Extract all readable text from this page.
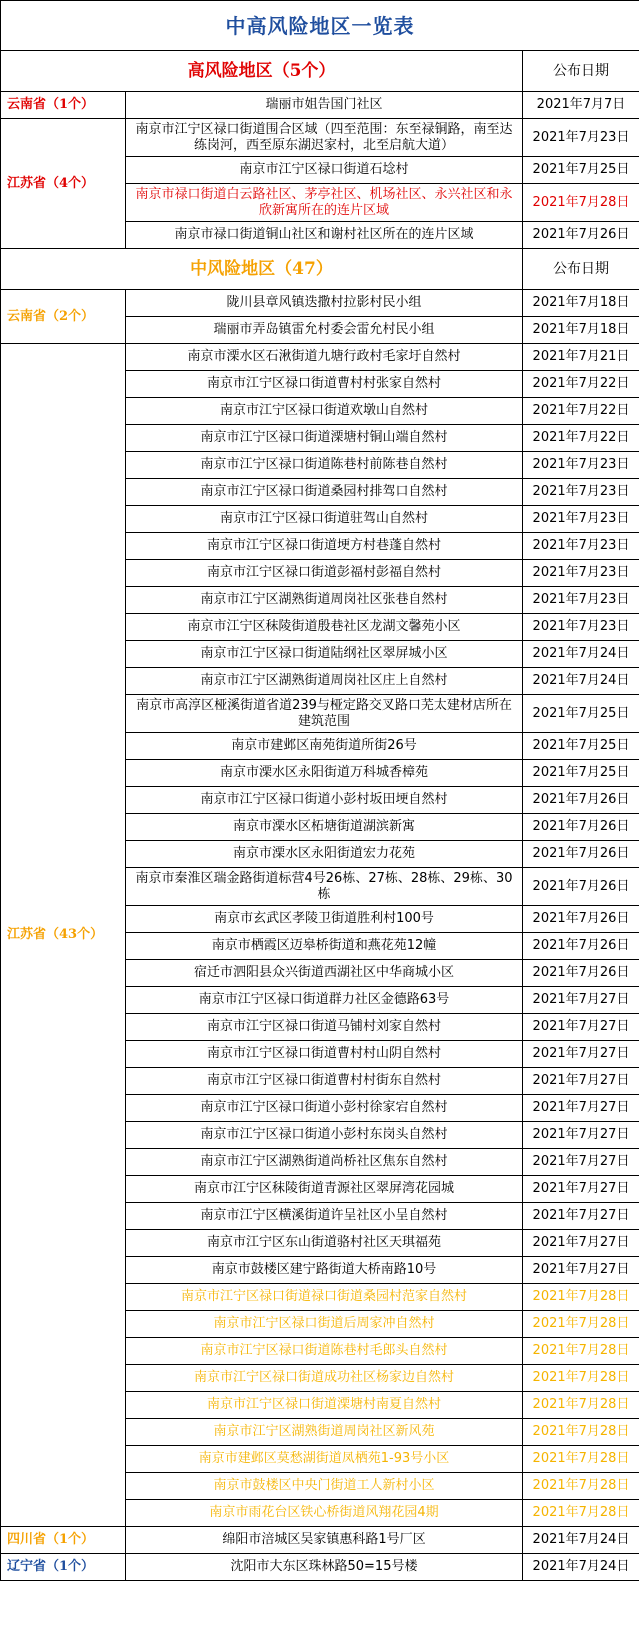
中高风险地区一览表		
高风险地区（5个）		公布日期
云南省（1个）	瑞丽市姐告国门社区	2021年7月7日
江苏省（4个）	南京市江宁区禄口街道围合区域（四至范围：东至禄铜路，南至达练岗河，西至原东湖迟家村，北至启航大道）	2021年7月23日
	南京市江宁区禄口街道石埝村	2021年7月25日
	南京市禄口街道白云路社区、茅亭社区、机场社区、永兴社区和永欣新寓所在的连片区域	2021年7月28日
	南京市禄口街道铜山社区和谢村社区所在的连片区域	2021年7月26日
中风险地区（47）		公布日期
云南省（2个）	陇川县章风镇迭撒村拉影村民小组	2021年7月18日
	瑞丽市弄岛镇雷允村委会雷允村民小组	2021年7月18日
江苏省（43个）	南京市溧水区石湫街道九塘行政村毛家圩自然村	2021年7月21日
	南京市江宁区禄口街道曹村村张家自然村	2021年7月22日
	南京市江宁区禄口街道欢墩山自然村	2021年7月22日
	南京市江宁区禄口街道溧塘村铜山端自然村	2021年7月22日
	南京市江宁区禄口街道陈巷村前陈巷自然村	2021年7月23日
	南京市江宁区禄口街道桑园村排驾口自然村	2021年7月23日
	南京市江宁区禄口街道驻驾山自然村	2021年7月23日
	南京市江宁区禄口街道埂方村巷蓬自然村	2021年7月23日
	南京市江宁区禄口街道彭福村彭福自然村	2021年7月23日
	南京市江宁区湖熟街道周岗社区张巷自然村	2021年7月23日
	南京市江宁区秣陵街道殷巷社区龙湖文馨苑小区	2021年7月23日
	南京市江宁区禄口街道陆纲社区翠屏城小区	2021年7月24日
	南京市江宁区湖熟街道周岗社区庄上自然村	2021年7月24日
	南京市高淳区桠溪街道省道239与桠定路交叉路口芜太建材店所在建筑范围	2021年7月25日
	南京市建邺区南苑街道所街26号	2021年7月25日
	南京市溧水区永阳街道万科城香樟苑	2021年7月25日
	南京市江宁区禄口街道小彭村坂田埂自然村	2021年7月26日
	南京市溧水区柘塘街道湖滨新寓	2021年7月26日
	南京市溧水区永阳街道宏力花苑	2021年7月26日
	南京市秦淮区瑞金路街道标营4号26栋、27栋、28栋、29栋、30栋	2021年7月26日
	南京市玄武区孝陵卫街道胜利村100号	2021年7月26日
	南京市栖霞区迈皋桥街道和燕花苑12幢	2021年7月26日
	宿迁市泗阳县众兴街道西湖社区中华商城小区	2021年7月26日
	南京市江宁区禄口街道群力社区金德路63号	2021年7月27日
	南京市江宁区禄口街道马铺村刘家自然村	2021年7月27日
	南京市江宁区禄口街道曹村村山阴自然村	2021年7月27日
	南京市江宁区禄口街道曹村村街东自然村	2021年7月27日
	南京市江宁区禄口街道小彭村徐家宕自然村	2021年7月27日
	南京市江宁区禄口街道小彭村东岗头自然村	2021年7月27日
	南京市江宁区湖熟街道尚桥社区焦东自然村	2021年7月27日
	南京市江宁区秣陵街道青源社区翠屏湾花园城	2021年7月27日
	南京市江宁区横溪街道许呈社区小呈自然村	2021年7月27日
	南京市江宁区东山街道骆村社区天琪福苑	2021年7月27日
	南京市鼓楼区建宁路街道大桥南路10号	2021年7月27日
	南京市江宁区禄口街道禄口街道桑园村范家自然村	2021年7月28日
	南京市江宁区禄口街道后周家冲自然村	2021年7月28日
	南京市江宁区禄口街道陈巷村毛郎头自然村	2021年7月28日
	南京市江宁区禄口街道成功社区杨家边自然村	2021年7月28日
	南京市江宁区禄口街道溧塘村南夏自然村	2021年7月28日
	南京市江宁区湖熟街道周岗社区新风苑	2021年7月28日
	南京市建邺区莫愁湖街道凤栖苑1-93号小区	2021年7月28日
	南京市鼓楼区中央门街道工人新村小区	2021年7月28日
	南京市雨花台区铁心桥街道风翔花园4期	2021年7月28日
四川省（1个）	绵阳市涪城区吴家镇惠科路1号厂区	2021年7月24日
辽宁省（1个）	沈阳市大东区珠林路50=15号楼	2021年7月24日
